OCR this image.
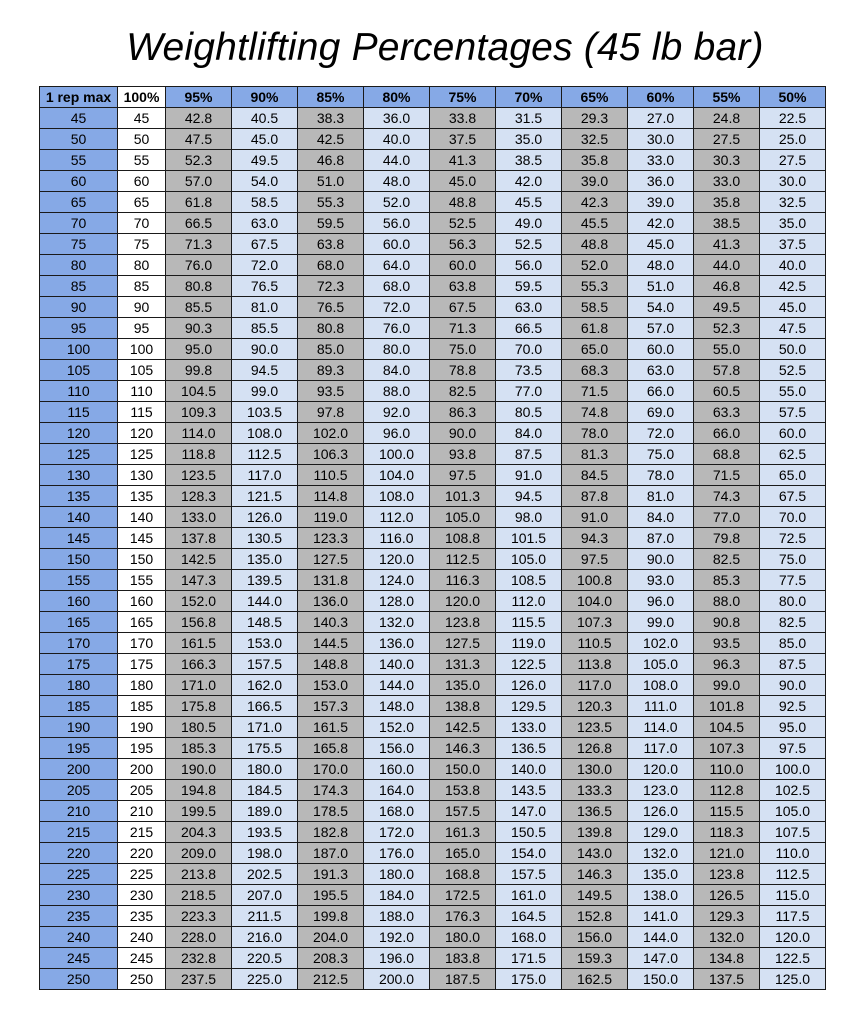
Weightlifting Percentages (45 lb bar)
1 rep max	100%	95%	90%	85%	80%	75%	70%	65%	60%	55%	50%
45	45	42.8	40.5	38.3	36.0	33.8	31.5	29.3	27.0	24.8	22.5
50	50	47.5	45.0	42.5	40.0	37.5	35.0	32.5	30.0	27.5	25.0
55	55	52.3	49.5	46.8	44.0	41.3	38.5	35.8	33.0	30.3	27.5
60	60	57.0	54.0	51.0	48.0	45.0	42.0	39.0	36.0	33.0	30.0
65	65	61.8	58.5	55.3	52.0	48.8	45.5	42.3	39.0	35.8	32.5
70	70	66.5	63.0	59.5	56.0	52.5	49.0	45.5	42.0	38.5	35.0
75	75	71.3	67.5	63.8	60.0	56.3	52.5	48.8	45.0	41.3	37.5
80	80	76.0	72.0	68.0	64.0	60.0	56.0	52.0	48.0	44.0	40.0
85	85	80.8	76.5	72.3	68.0	63.8	59.5	55.3	51.0	46.8	42.5
90	90	85.5	81.0	76.5	72.0	67.5	63.0	58.5	54.0	49.5	45.0
95	95	90.3	85.5	80.8	76.0	71.3	66.5	61.8	57.0	52.3	47.5
100	100	95.0	90.0	85.0	80.0	75.0	70.0	65.0	60.0	55.0	50.0
105	105	99.8	94.5	89.3	84.0	78.8	73.5	68.3	63.0	57.8	52.5
110	110	104.5	99.0	93.5	88.0	82.5	77.0	71.5	66.0	60.5	55.0
115	115	109.3	103.5	97.8	92.0	86.3	80.5	74.8	69.0	63.3	57.5
120	120	114.0	108.0	102.0	96.0	90.0	84.0	78.0	72.0	66.0	60.0
125	125	118.8	112.5	106.3	100.0	93.8	87.5	81.3	75.0	68.8	62.5
130	130	123.5	117.0	110.5	104.0	97.5	91.0	84.5	78.0	71.5	65.0
135	135	128.3	121.5	114.8	108.0	101.3	94.5	87.8	81.0	74.3	67.5
140	140	133.0	126.0	119.0	112.0	105.0	98.0	91.0	84.0	77.0	70.0
145	145	137.8	130.5	123.3	116.0	108.8	101.5	94.3	87.0	79.8	72.5
150	150	142.5	135.0	127.5	120.0	112.5	105.0	97.5	90.0	82.5	75.0
155	155	147.3	139.5	131.8	124.0	116.3	108.5	100.8	93.0	85.3	77.5
160	160	152.0	144.0	136.0	128.0	120.0	112.0	104.0	96.0	88.0	80.0
165	165	156.8	148.5	140.3	132.0	123.8	115.5	107.3	99.0	90.8	82.5
170	170	161.5	153.0	144.5	136.0	127.5	119.0	110.5	102.0	93.5	85.0
175	175	166.3	157.5	148.8	140.0	131.3	122.5	113.8	105.0	96.3	87.5
180	180	171.0	162.0	153.0	144.0	135.0	126.0	117.0	108.0	99.0	90.0
185	185	175.8	166.5	157.3	148.0	138.8	129.5	120.3	111.0	101.8	92.5
190	190	180.5	171.0	161.5	152.0	142.5	133.0	123.5	114.0	104.5	95.0
195	195	185.3	175.5	165.8	156.0	146.3	136.5	126.8	117.0	107.3	97.5
200	200	190.0	180.0	170.0	160.0	150.0	140.0	130.0	120.0	110.0	100.0
205	205	194.8	184.5	174.3	164.0	153.8	143.5	133.3	123.0	112.8	102.5
210	210	199.5	189.0	178.5	168.0	157.5	147.0	136.5	126.0	115.5	105.0
215	215	204.3	193.5	182.8	172.0	161.3	150.5	139.8	129.0	118.3	107.5
220	220	209.0	198.0	187.0	176.0	165.0	154.0	143.0	132.0	121.0	110.0
225	225	213.8	202.5	191.3	180.0	168.8	157.5	146.3	135.0	123.8	112.5
230	230	218.5	207.0	195.5	184.0	172.5	161.0	149.5	138.0	126.5	115.0
235	235	223.3	211.5	199.8	188.0	176.3	164.5	152.8	141.0	129.3	117.5
240	240	228.0	216.0	204.0	192.0	180.0	168.0	156.0	144.0	132.0	120.0
245	245	232.8	220.5	208.3	196.0	183.8	171.5	159.3	147.0	134.8	122.5
250	250	237.5	225.0	212.5	200.0	187.5	175.0	162.5	150.0	137.5	125.0
